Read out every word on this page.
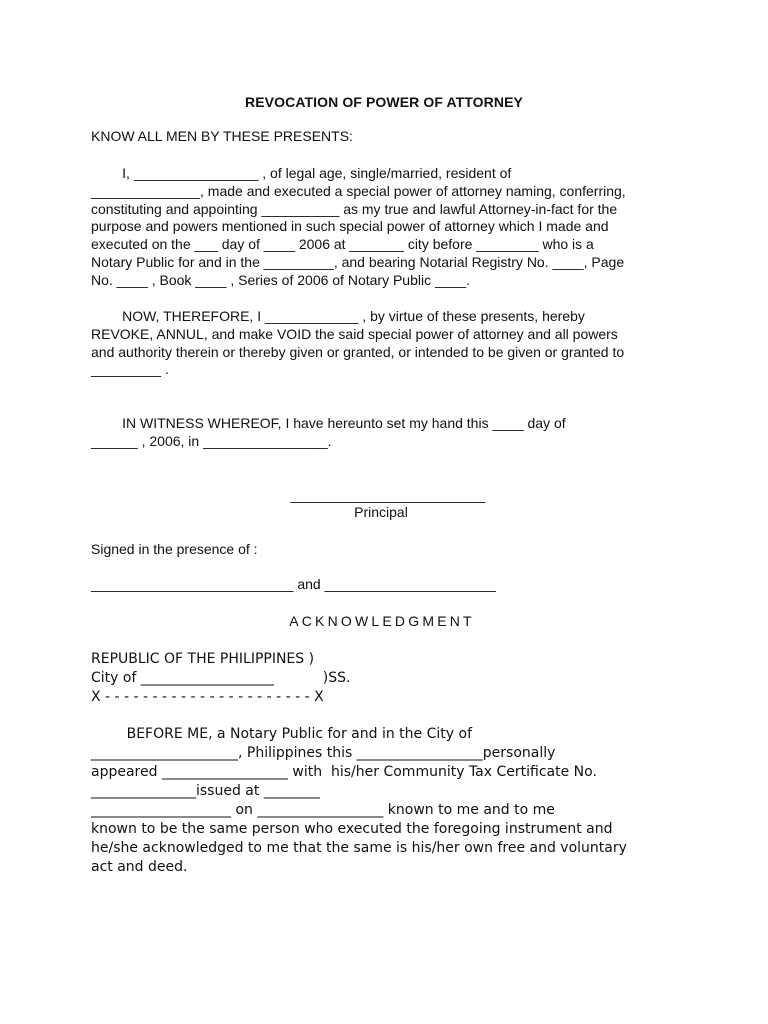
REVOCATION OF POWER OF ATTORNEY
KNOW ALL MEN BY THESE PRESENTS:
I, ________________ , of legal age, single/married, resident of
______________, made and executed a special power of attorney naming, conferring,
constituting and appointing __________ as my true and lawful Attorney-in-fact for the
purpose and powers mentioned in such special power of attorney which I made and
executed on the ___ day of ____ 2006 at _______ city before ________ who is a
Notary Public for and in the _________, and bearing Notarial Registry No. ____, Page
No. ____ , Book ____ , Series of 2006 of Notary Public ____.
NOW, THEREFORE, I ____________ , by virtue of these presents, hereby
REVOKE, ANNUL, and make VOID the said special power of attorney and all powers
and authority therein or thereby given or granted, or intended to be given or granted to
_________ .
IN WITNESS WHEREOF, I have hereunto set my hand this ____ day of
______ , 2006, in ________________.
_________________________
Principal
Signed in the presence of :
__________________________ and ______________________
ACKNOWLEDGMENT
REPUBLIC OF THE PHILIPPINES )
City of ___________________           )SS.
X - - - - - - - - - - - - - - - - - - - - - - X
BEFORE ME, a Notary Public for and in the City of
_____________________, Philippines this __________________personally
appeared __________________ with  his/her Community Tax Certificate No.
_______________issued at ________
____________________ on __________________ known to me and to me
known to be the same person who executed the foregoing instrument and
he/she acknowledged to me that the same is his/her own free and voluntary
act and deed.
